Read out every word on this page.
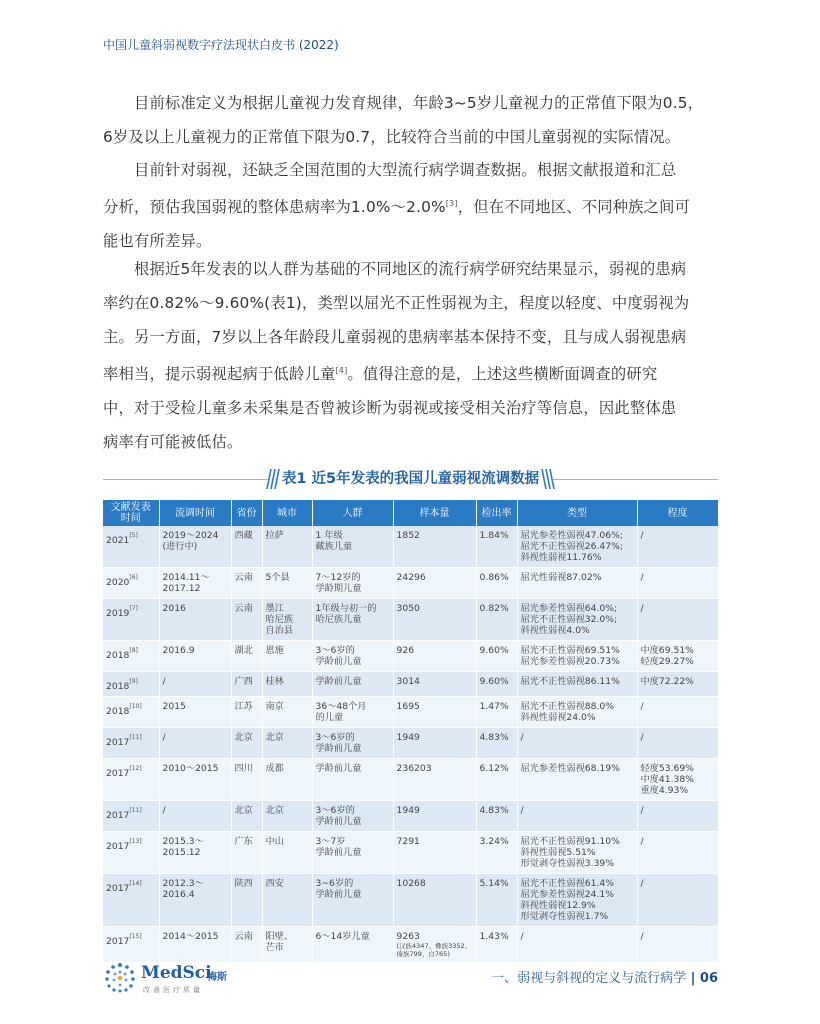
中国儿童斜弱视数字疗法现状白皮书 (2022)

目前标准定义为根据儿童视力发育规律，年龄3~5岁儿童视力的正常值下限为0.5，

6岁及以上儿童视力的正常值下限为0.7，比较符合当前的中国儿童弱视的实际情况。

目前针对弱视，还缺乏全国范围的大型流行病学调查数据。根据文献报道和汇总

分析，预估我国弱视的整体患病率为1.0%～2.0%[3]，但在不同地区、不同种族之间可
能也有所差异。

根据近5年发表的以人群为基础的不同地区的流行病学研究结果显示，弱视的患病

率约在0.82%～9.60%(表1)，类型以屈光不正性弱视为主，程度以轻度、中度弱视为
主。另一方面，7岁以上各年龄段儿童弱视的患病率基本保持不变，且与成人弱视患病
率相当，提示弱视起病于低龄儿童[4]。值得注意的是，上述这些横断面调查的研究
中，对于受检儿童多未采集是否曾被诊断为弱视或接受相关治疗等信息，因此整体患
病率有可能被低估。
表1 近5年发表的我国儿童弱视流调数据
文献发表
时间	流调时间	省份	城市	人群	样本量	检出率	类型	程度
2021[5]	2019～2024
(进行中)	西藏	拉萨	1 年级
藏族儿童	1852	1.84%	屈光参差性弱视47.06%;
屈光不正性弱视26.47%;
斜视性弱视11.76%	/
2020[6]	2014.11～
2017.12	云南	5个县	7～12岁的
学龄期儿童	24296	0.86%	屈光性弱视87.02%	/
2019[7]	2016	云南	墨江
哈尼族
自治县	1年级与初一的
哈尼族儿童	3050	0.82%	屈光参差性弱视64.0%;
屈光不正性弱视32.0%;
斜视性弱视4.0%	/
2018[8]	2016.9	湖北	恩施	3～6岁的
学龄前儿童	926	9.60%	屈光不正性弱视69.51%
屈光参差性弱视20.73%	中度69.51%
轻度29.27%
2018[9]	/	广西	桂林	学龄前儿童	3014	9.60%	屈光不正性弱视86.11%	中度72.22%
2018[10]	2015	江苏	南京	36～48个月
的儿童	1695	1.47%	屈光不正性弱视88.0%
斜视性弱视24.0%	/
2017[11]	/	北京	北京	3～6岁的
学龄前儿童	1949	4.83%	/	/
2017[12]	2010～2015	四川	成都	学龄前儿童	236203	6.12%	屈光参差性弱视68.19%	轻度53.69%
中度41.38%
重度4.93%
2017[11]	/	北京	北京	3～6岁的
学龄前儿童	1949	4.83%	/	/
2017[13]	2015.3～
2015.12	广东	中山	3～7岁
学龄前儿童	7291	3.24%	屈光不正性弱视91.10%
斜视性弱视5.51%
形觉剥夺性弱视3.39%	/
2017[14]	2012.3～
2016.4	陕西	西安	3~6岁的
学龄前儿童	10268	5.14%	屈光不正性弱视61.4%
屈光参差性弱视24.1%
斜视性弱视12.9%
形觉剥夺性弱视1.7%	/
2017[15]	2014～2015	云南	阳壁、
芒市	6～14岁儿童	9263
(汉族4347、彝族3352、
傣族799、白765)	1.43%	/	/
MedSci
梅斯
改善医疗质量
一、弱视与斜视的定义与流行病学 | 06
